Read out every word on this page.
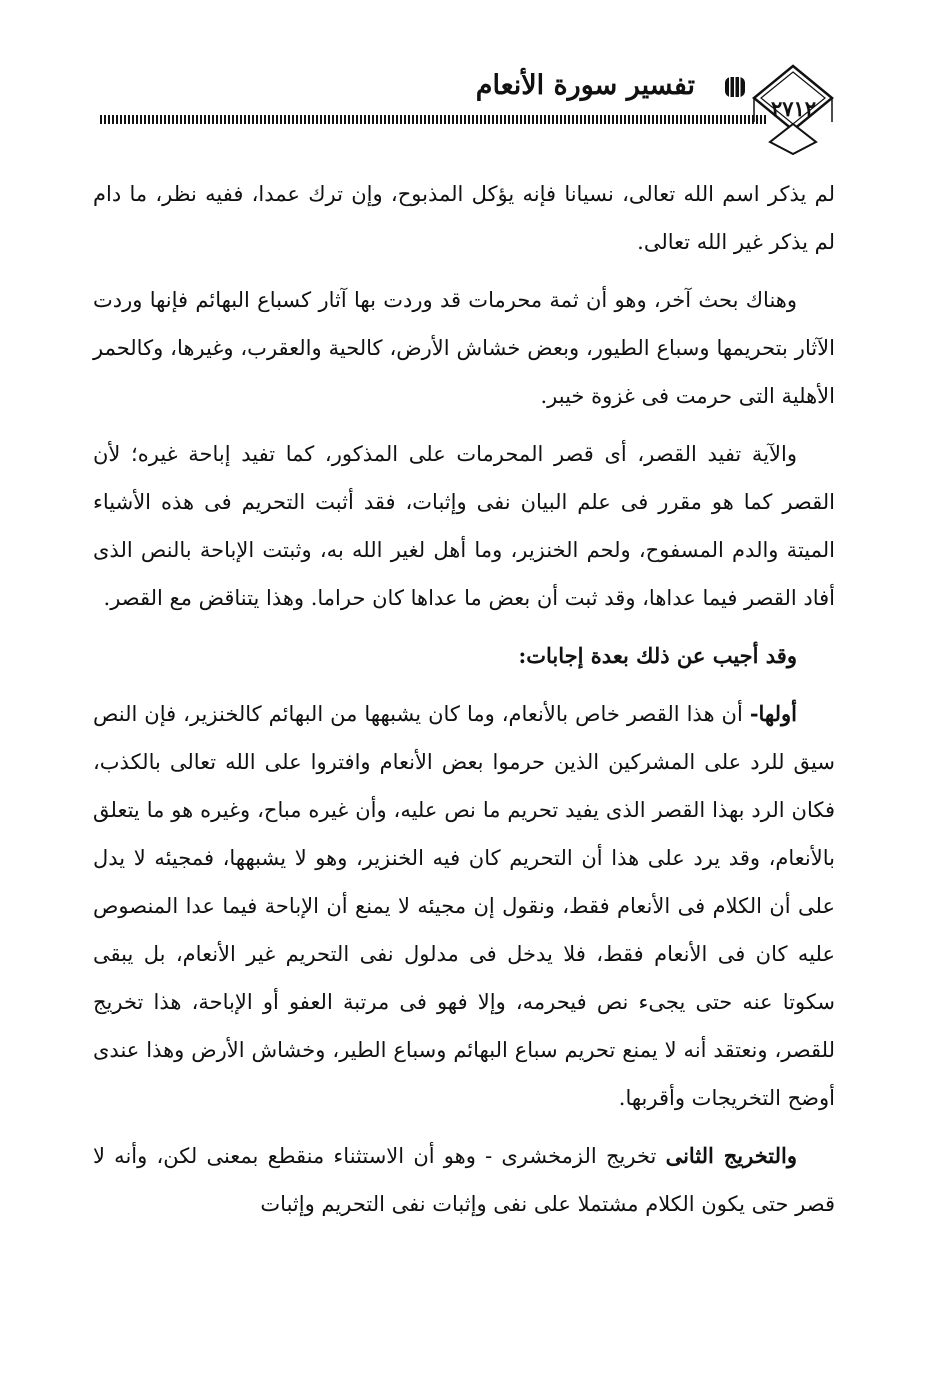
٢٧١٢
تفسير سورة الأنعام

لم يذكر اسم الله تعالى، نسيانا فإنه يؤكل المذبوح، وإن ترك عمدا، ففيه نظر، ما دام لم يذكر غير الله تعالى.

وهناك بحث آخر، وهو أن ثمة محرمات قد وردت بها آثار كسباع البهائم فإنها وردت الآثار بتحريمها وسباع الطيور، وبعض خشاش الأرض، كالحية والعقرب، وغيرها، وكالحمر الأهلية التى حرمت فى غزوة خيبر.

والآية تفيد القصر، أى قصر المحرمات على المذكور، كما تفيد إباحة غيره؛ لأن القصر كما هو مقرر فى علم البيان نفى وإثبات، فقد أثبت التحريم فى هذه الأشياء الميتة والدم المسفوح، ولحم الخنزير، وما أهل لغير الله به، وثبتت الإباحة بالنص الذى أفاد القصر فيما عداها، وقد ثبت أن بعض ما عداها كان حراما. وهذا يتناقض مع القصر.

وقد أجيب عن ذلك بعدة إجابات:

أولها- أن هذا القصر خاص بالأنعام، وما كان يشبهها من البهائم كالخنزير، فإن النص سيق للرد على المشركين الذين حرموا بعض الأنعام وافتروا على الله تعالى بالكذب، فكان الرد بهذا القصر الذى يفيد تحريم ما نص عليه، وأن غيره مباح، وغيره هو ما يتعلق بالأنعام، وقد يرد على هذا أن التحريم كان فيه الخنزير، وهو لا يشبهها، فمجيئه لا يدل على أن الكلام فى الأنعام فقط، ونقول إن مجيئه لا يمنع أن الإباحة فيما عدا المنصوص عليه كان فى الأنعام فقط، فلا يدخل فى مدلول نفى التحريم غير الأنعام، بل يبقى سكوتا عنه حتى يجىء نص فيحرمه، وإلا فهو فى مرتبة العفو أو الإباحة، هذا تخريج للقصر، ونعتقد أنه لا يمنع تحريم سباع البهائم وسباع الطير، وخشاش الأرض وهذا عندى أوضح التخريجات وأقربها.

والتخريج الثانى تخريج الزمخشرى - وهو أن الاستثناء منقطع بمعنى لكن، وأنه لا قصر حتى يكون الكلام مشتملا على نفى وإثبات نفى التحريم وإثبات
